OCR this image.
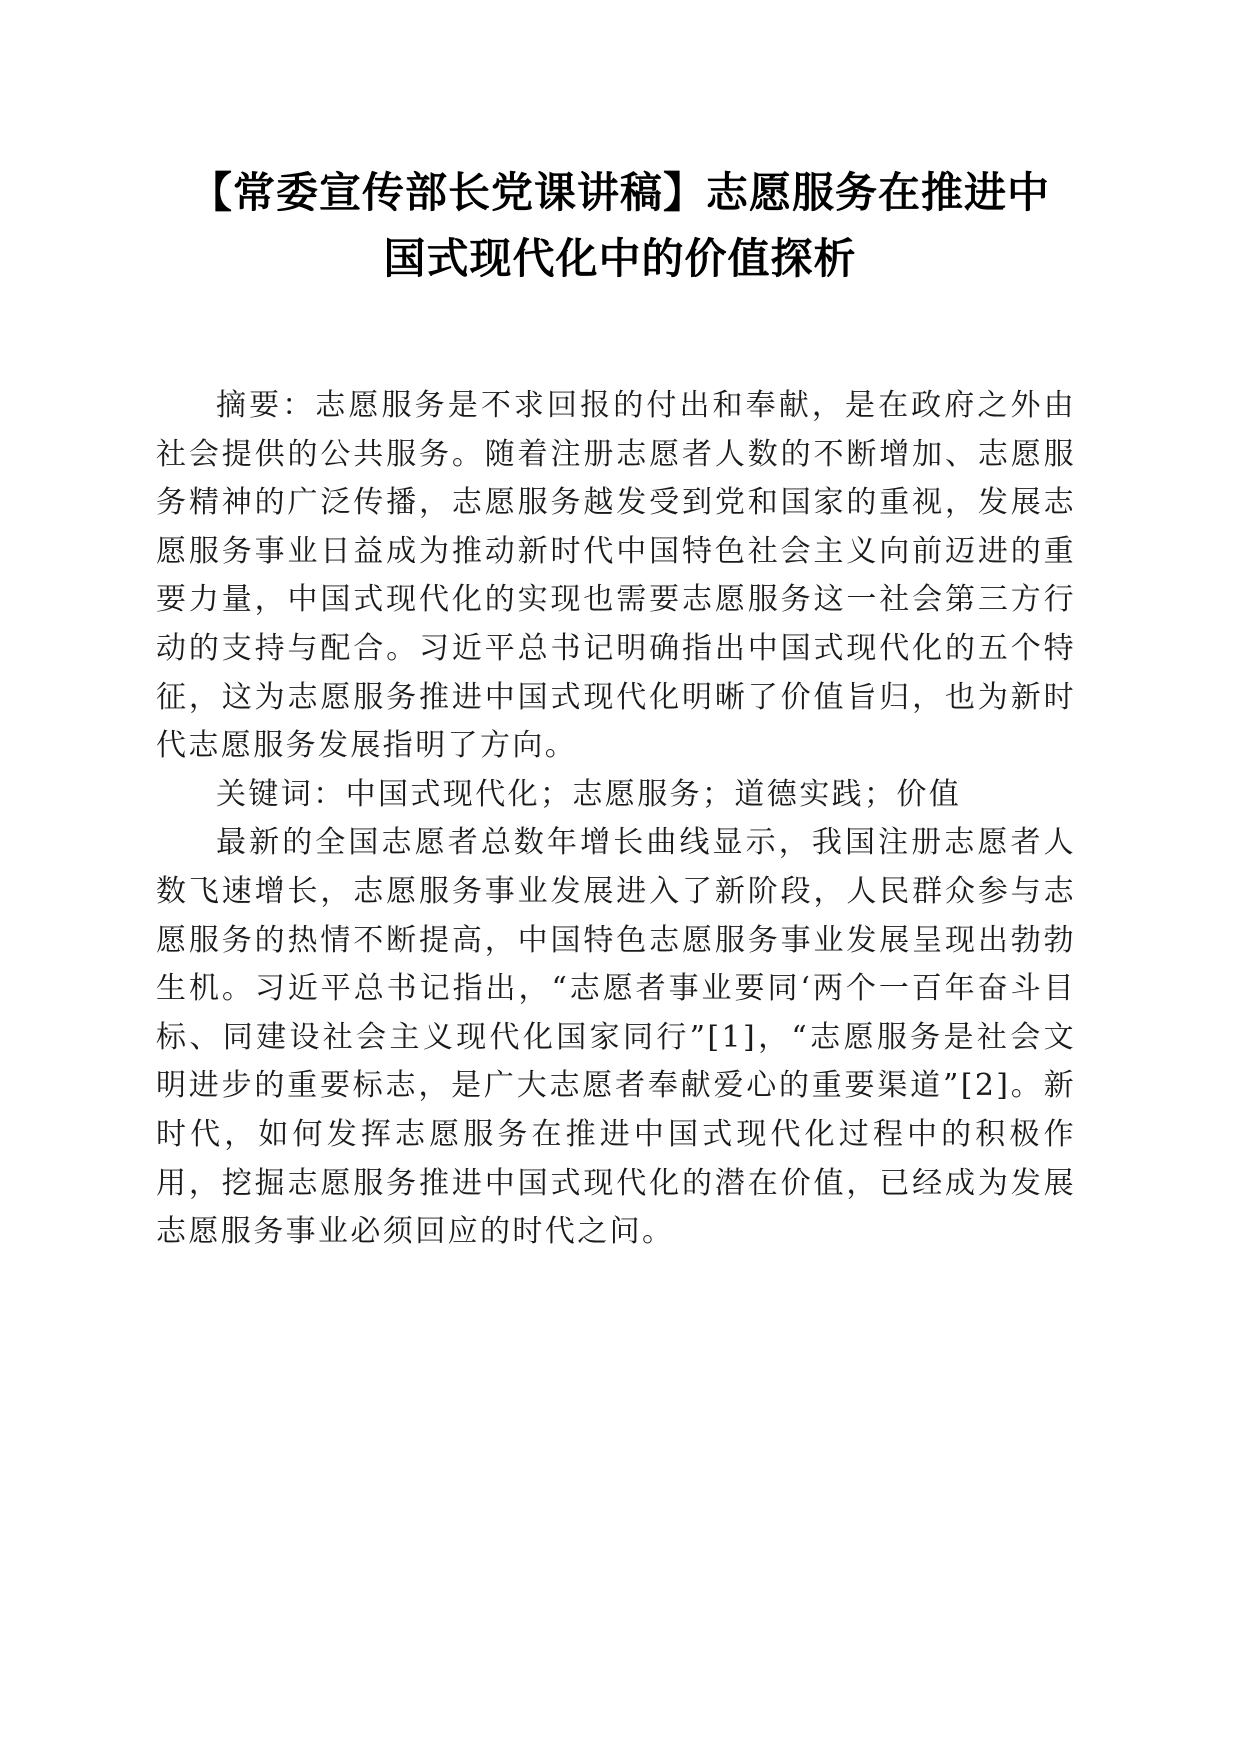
【常委宣传部长党课讲稿】志愿服务在推进中
国式现代化中的价值探析

摘要：志愿服务是不求回报的付出和奉献，是在政府之外由社会提供的公共服务。随着注册志愿者人数的不断增加、志愿服务精神的广泛传播，志愿服务越发受到党和国家的重视，发展志愿服务事业日益成为推动新时代中国特色社会主义向前迈进的重要力量，中国式现代化的实现也需要志愿服务这一社会第三方行动的支持与配合。习近平总书记明确指出中国式现代化的五个特征，这为志愿服务推进中国式现代化明晰了价值旨归，也为新时代志愿服务发展指明了方向。

关键词：中国式现代化；志愿服务；道德实践；价值

最新的全国志愿者总数年增长曲线显示，我国注册志愿者人数飞速增长，志愿服务事业发展进入了新阶段，人民群众参与志愿服务的热情不断提高，中国特色志愿服务事业发展呈现出勃勃生机。习近平总书记指出，“志愿者事业要同‘两个一百年奋斗目标、同建设社会主义现代化国家同行”[1]，“志愿服务是社会文明进步的重要标志，是广大志愿者奉献爱心的重要渠道”[2]。新时代，如何发挥志愿服务在推进中国式现代化过程中的积极作用，挖掘志愿服务推进中国式现代化的潜在价值，已经成为发展志愿服务事业必须回应的时代之问。
